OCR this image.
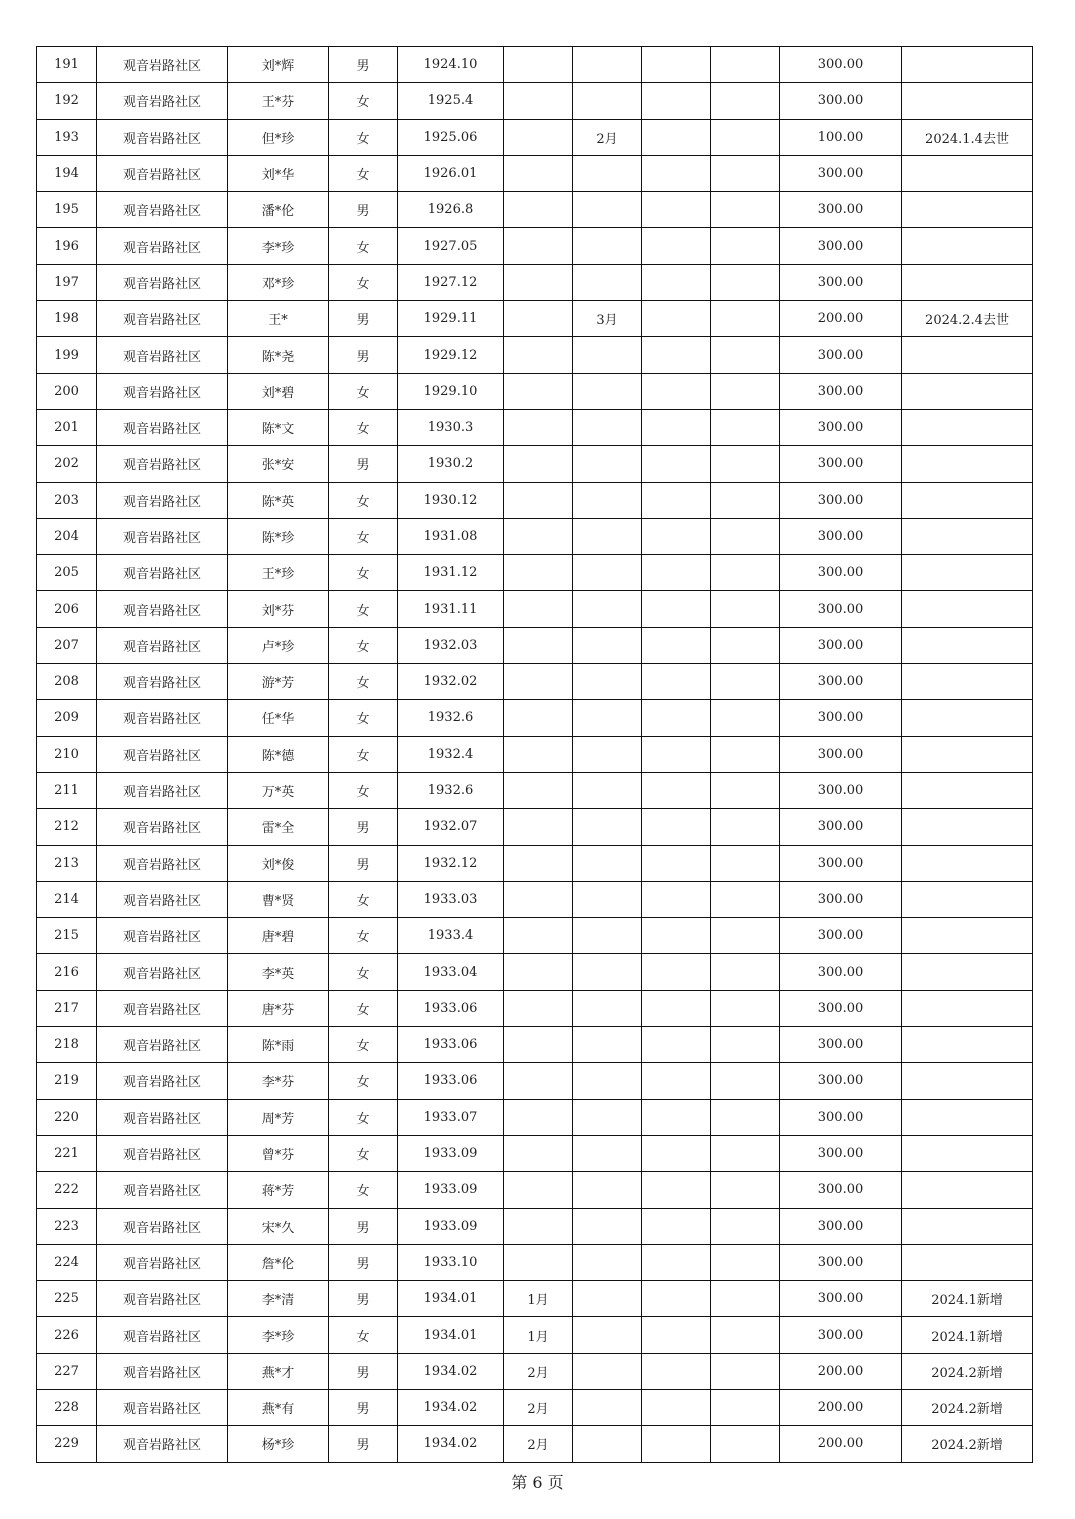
191	观音岩路社区	刘*辉	男	1924.10					300.00	
192	观音岩路社区	王*芬	女	1925.4					300.00	
193	观音岩路社区	但*珍	女	1925.06		2月			100.00	2024.1.4去世
194	观音岩路社区	刘*华	女	1926.01					300.00	
195	观音岩路社区	潘*伦	男	1926.8					300.00	
196	观音岩路社区	李*珍	女	1927.05					300.00	
197	观音岩路社区	邓*珍	女	1927.12					300.00	
198	观音岩路社区	王*	男	1929.11		3月			200.00	2024.2.4去世
199	观音岩路社区	陈*尧	男	1929.12					300.00	
200	观音岩路社区	刘*碧	女	1929.10					300.00	
201	观音岩路社区	陈*文	女	1930.3					300.00	
202	观音岩路社区	张*安	男	1930.2					300.00	
203	观音岩路社区	陈*英	女	1930.12					300.00	
204	观音岩路社区	陈*珍	女	1931.08					300.00	
205	观音岩路社区	王*珍	女	1931.12					300.00	
206	观音岩路社区	刘*芬	女	1931.11					300.00	
207	观音岩路社区	卢*珍	女	1932.03					300.00	
208	观音岩路社区	游*芳	女	1932.02					300.00	
209	观音岩路社区	任*华	女	1932.6					300.00	
210	观音岩路社区	陈*德	女	1932.4					300.00	
211	观音岩路社区	万*英	女	1932.6					300.00	
212	观音岩路社区	雷*全	男	1932.07					300.00	
213	观音岩路社区	刘*俊	男	1932.12					300.00	
214	观音岩路社区	曹*贤	女	1933.03					300.00	
215	观音岩路社区	唐*碧	女	1933.4					300.00	
216	观音岩路社区	李*英	女	1933.04					300.00	
217	观音岩路社区	唐*芬	女	1933.06					300.00	
218	观音岩路社区	陈*雨	女	1933.06					300.00	
219	观音岩路社区	李*芬	女	1933.06					300.00	
220	观音岩路社区	周*芳	女	1933.07					300.00	
221	观音岩路社区	曾*芬	女	1933.09					300.00	
222	观音岩路社区	蒋*芳	女	1933.09					300.00	
223	观音岩路社区	宋*久	男	1933.09					300.00	
224	观音岩路社区	詹*伦	男	1933.10					300.00	
225	观音岩路社区	李*清	男	1934.01	1月				300.00	2024.1新增
226	观音岩路社区	李*珍	女	1934.01	1月				300.00	2024.1新增
227	观音岩路社区	燕*才	男	1934.02	2月				200.00	2024.2新增
228	观音岩路社区	燕*有	男	1934.02	2月				200.00	2024.2新增
229	观音岩路社区	杨*珍	男	1934.02	2月				200.00	2024.2新增
第 6 页
